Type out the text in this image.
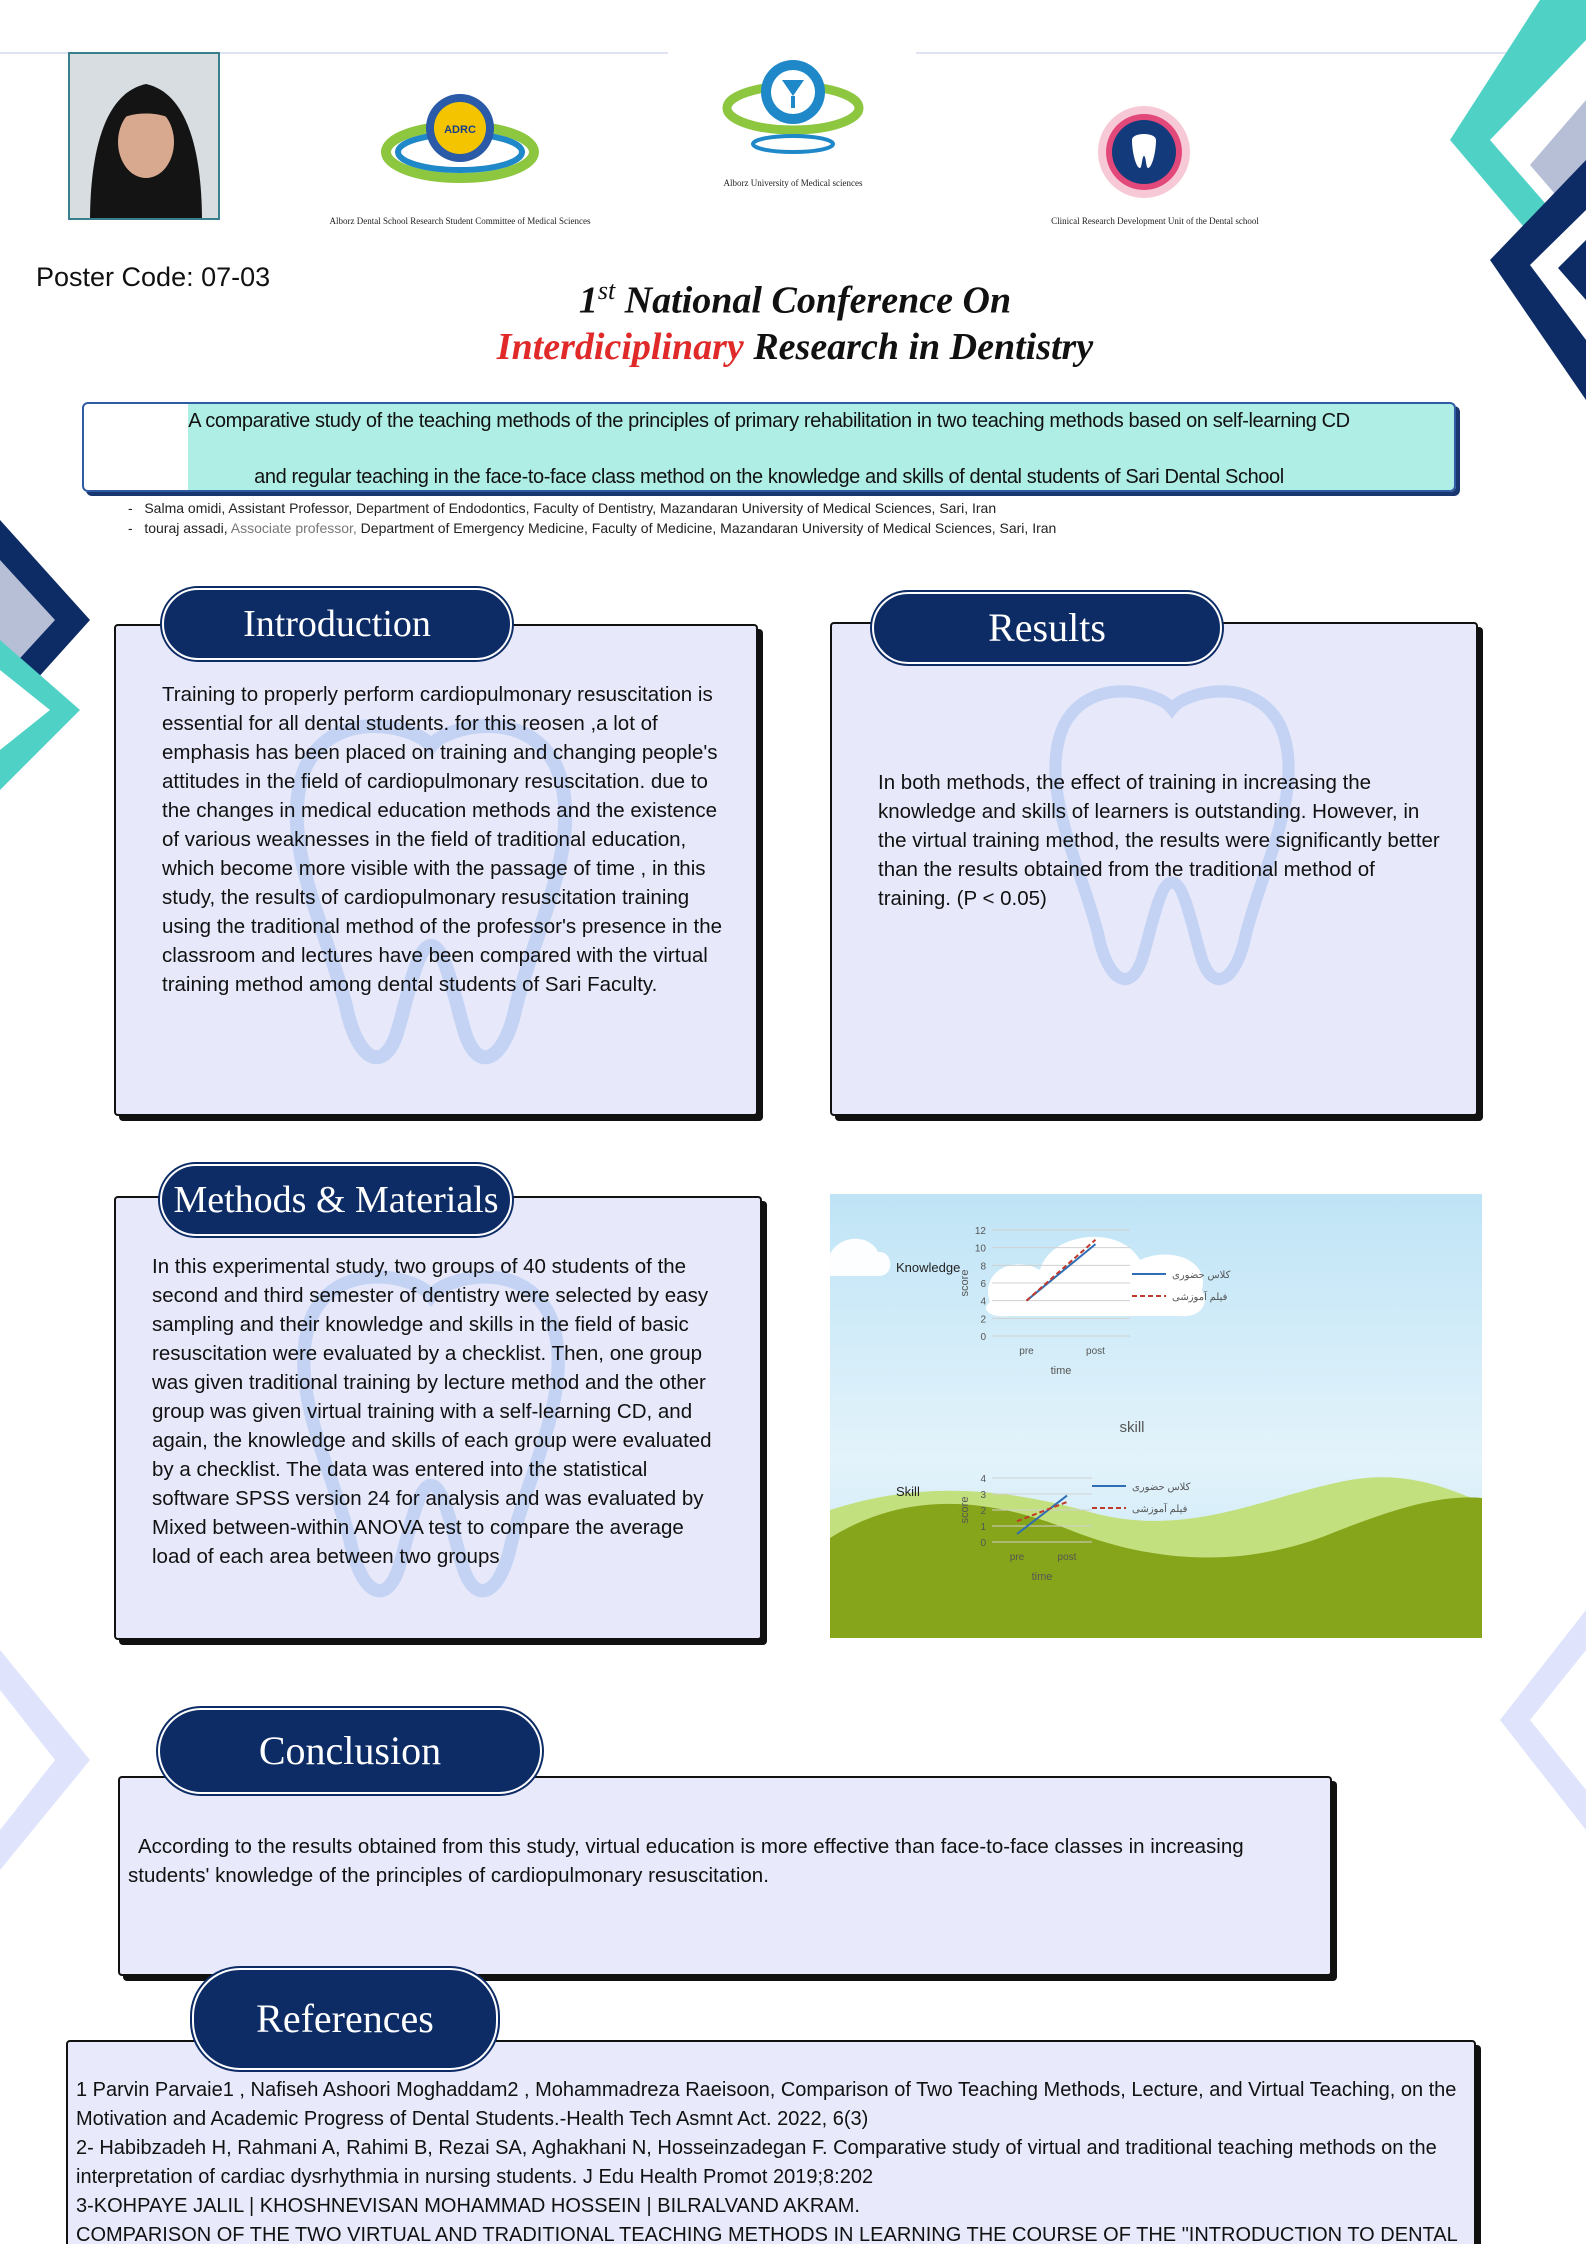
ADRC
Alborz Dental School Research Student Committee of Medical Sciences
Alborz University of Medical sciences
Clinical Research Development Unit of the Dental school
Poster Code: 07-03
1st National Conference On
Interdiciplinary Research in Dentistry

A comparative study of the teaching methods of the principles of primary rehabilitation in two teaching methods based on self-learning CD

and regular teaching in the face-to-face class method on the knowledge and skills of dental students of Sari Dental School

-   Salma omidi, Assistant Professor, Department of Endodontics, Faculty of Dentistry, Mazandaran University of Medical Sciences, Sari, Iran
-   touraj assadi, Associate professor, Department of Emergency Medicine, Faculty of Medicine, Mazandaran University of Medical Sciences, Sari, Iran
Introduction
Training to properly perform cardiopulmonary resuscitation is essential for all dental students. for this reosen ,a lot of emphasis has been placed on training and changing people's attitudes in the field of cardiopulmonary resuscitation. due to the changes in medical education methods and the existence of various weaknesses in the field of traditional education, which become more visible with the passage of time , in this study, the results of cardiopulmonary resuscitation training using the traditional method of the professor's presence in the classroom and lectures have been compared with the virtual training method among dental students of Sari Faculty.
Results
In both methods, the effect of training in increasing the knowledge and skills of learners is outstanding. However, in the virtual training method, the results were significantly better than the results obtained from the traditional method of training. (P < 0.05)
Methods & Materials
In this experimental study, two groups of 40 students of the second and third semester of dentistry were selected by easy sampling and their knowledge and skills in the field of basic resuscitation were evaluated by a checklist. Then, one group was given traditional training by lecture method and the other group was given virtual training with a self-learning CD, and again, the knowledge and skills of each group were evaluated by a checklist. The data was entered into the statistical software SPSS version 24 for analysis and was evaluated by Mixed between-within ANOVA test to compare the average load of each area between two groups
Knowledge
0
2
4
6
8
10
12
pre	post
time
score	کلاس حضوری
فیلم آموزشی
Skill
skill
0
1
2
3
4
pre	post
time
score
کلاس حضوری
فیلم آموزشی
Conclusion
According to the results obtained from this study, virtual education is more effective than face-to-face classes in increasing students' knowledge of the principles of cardiopulmonary resuscitation.
References
1 Parvin Parvaie1 , Nafiseh Ashoori Moghaddam2 , Mohammadreza Raeisoon, Comparison of Two Teaching Methods, Lecture, and Virtual Teaching, on the Motivation and Academic Progress of Dental Students.-Health Tech Asmnt Act. 2022, 6(3)
2- Habibzadeh H, Rahmani A, Rahimi B, Rezai SA, Aghakhani N, Hosseinzadegan F. Comparative study of virtual and traditional teaching methods on the interpretation of cardiac dysrhythmia in nursing students. J Edu Health Promot 2019;8:202
3-KOHPAYE JALIL | KHOSHNEVISAN MOHAMMAD HOSSEIN | BILRALVAND AKRAM.
COMPARISON OF THE TWO VIRTUAL AND TRADITIONAL TEACHING METHODS IN LEARNING THE COURSE OF THE "INTRODUCTION TO DENTAL
